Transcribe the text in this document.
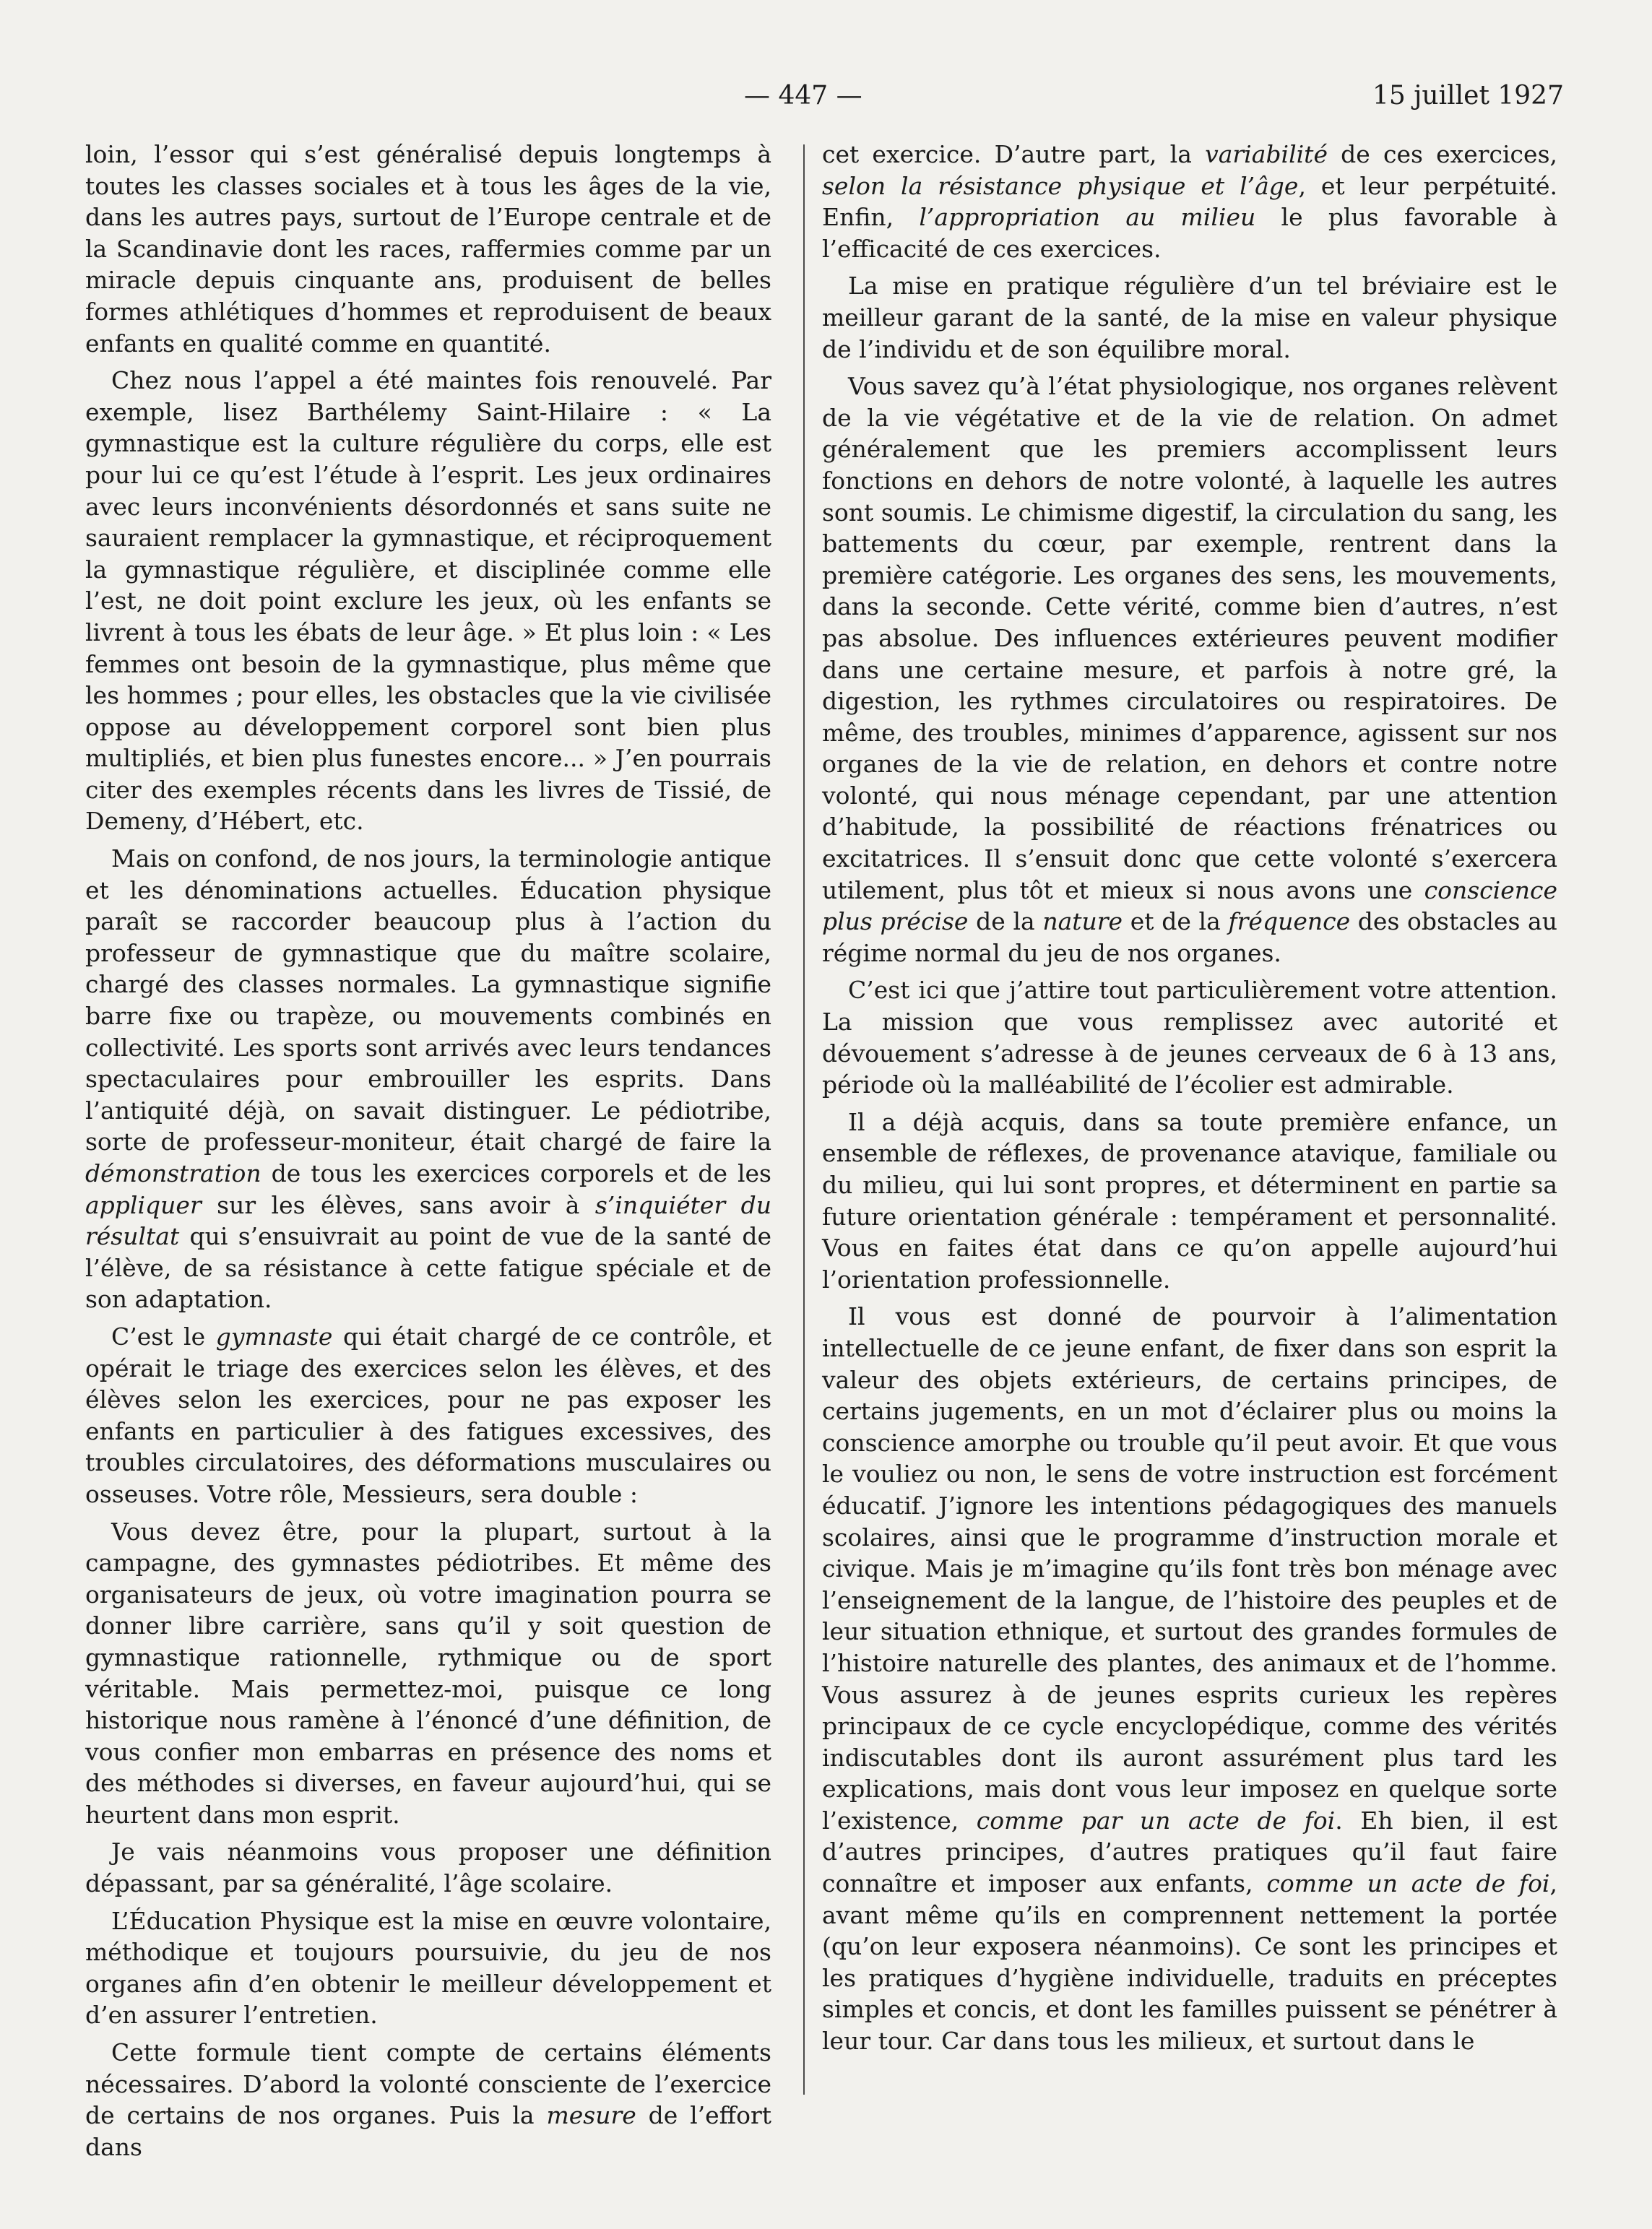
— 447 —	15 juillet 1927

loin, l’essor qui s’est généralisé depuis longtemps à toutes les classes sociales et à tous les âges de la vie, dans les autres pays, surtout de l’Europe centrale et de la Scandinavie dont les races, raffermies comme par un miracle depuis cinquante ans, produisent de belles formes athlétiques d’hommes et reproduisent de beaux enfants en qualité comme en quantité.

Chez nous l’appel a été maintes fois renouvelé. Par exemple, lisez Barthélemy Saint-Hilaire : « La gymnastique est la culture régulière du corps, elle est pour lui ce qu’est l’étude à l’esprit. Les jeux ordinaires avec leurs inconvénients désordonnés et sans suite ne sauraient remplacer la gymnastique, et réciproquement la gymnastique régulière, et disciplinée comme elle l’est, ne doit point exclure les jeux, où les enfants se livrent à tous les ébats de leur âge. » Et plus loin : « Les femmes ont besoin de la gymnastique, plus même que les hommes ; pour elles, les obstacles que la vie civilisée oppose au développement corporel sont bien plus multipliés, et bien plus funestes encore... » J’en pourrais citer des exemples récents dans les livres de Tissié, de Demeny, d’Hébert, etc.

Mais on confond, de nos jours, la terminologie antique et les dénominations actuelles. Éducation physique paraît se raccorder beaucoup plus à l’action du professeur de gymnastique que du maître scolaire, chargé des classes normales. La gymnastique signifie barre fixe ou trapèze, ou mouvements combinés en collectivité. Les sports sont arrivés avec leurs tendances spectaculaires pour embrouiller les esprits. Dans l’antiquité déjà, on savait distinguer. Le pédiotribe, sorte de professeur-moniteur, était chargé de faire la démonstration de tous les exercices corporels et de les appliquer sur les élèves, sans avoir à s’inquiéter du résultat qui s’ensuivrait au point de vue de la santé de l’élève, de sa résistance à cette fatigue spéciale et de son adaptation.

C’est le gymnaste qui était chargé de ce contrôle, et opérait le triage des exercices selon les élèves, et des élèves selon les exercices, pour ne pas exposer les enfants en particulier à des fatigues excessives, des troubles circulatoires, des déformations musculaires ou osseuses. Votre rôle, Messieurs, sera double :

Vous devez être, pour la plupart, surtout à la campagne, des gymnastes pédiotribes. Et même des organisateurs de jeux, où votre imagination pourra se donner libre carrière, sans qu’il y soit question de gymnastique rationnelle, rythmique ou de sport véritable. Mais permettez-moi, puisque ce long historique nous ramène à l’énoncé d’une définition, de vous confier mon embarras en présence des noms et des méthodes si diverses, en faveur aujourd’hui, qui se heurtent dans mon esprit.

Je vais néanmoins vous proposer une définition dépassant, par sa généralité, l’âge scolaire.

L’Éducation Physique est la mise en œuvre volontaire, méthodique et toujours poursuivie, du jeu de nos organes afin d’en obtenir le meilleur développement et d’en assurer l’entretien.

Cette formule tient compte de certains éléments nécessaires. D’abord la volonté consciente de l’exercice de certains de nos organes. Puis la mesure de l’effort dans

cet exercice. D’autre part, la variabilité de ces exercices, selon la résistance physique et l’âge, et leur perpétuité. Enfin, l’appropriation au milieu le plus favorable à l’efficacité de ces exercices.

La mise en pratique régulière d’un tel bréviaire est le meilleur garant de la santé, de la mise en valeur physique de l’individu et de son équilibre moral.

Vous savez qu’à l’état physiologique, nos organes relèvent de la vie végétative et de la vie de relation. On admet généralement que les premiers accomplissent leurs fonctions en dehors de notre volonté, à laquelle les autres sont soumis. Le chimisme digestif, la circulation du sang, les battements du cœur, par exemple, rentrent dans la première catégorie. Les organes des sens, les mouvements, dans la seconde. Cette vérité, comme bien d’autres, n’est pas absolue. Des influences extérieures peuvent modifier dans une certaine mesure, et parfois à notre gré, la digestion, les rythmes circulatoires ou respiratoires. De même, des troubles, minimes d’apparence, agissent sur nos organes de la vie de relation, en dehors et contre notre volonté, qui nous ménage cependant, par une attention d’habitude, la possibilité de réactions frénatrices ou excitatrices. Il s’ensuit donc que cette volonté s’exercera utilement, plus tôt et mieux si nous avons une conscience plus précise de la nature et de la fréquence des obstacles au régime normal du jeu de nos organes.

C’est ici que j’attire tout particulièrement votre attention. La mission que vous remplissez avec autorité et dévouement s’adresse à de jeunes cerveaux de 6 à 13 ans, période où la malléabilité de l’écolier est admirable.

Il a déjà acquis, dans sa toute première enfance, un ensemble de réflexes, de provenance atavique, familiale ou du milieu, qui lui sont propres, et déterminent en partie sa future orientation générale : tempérament et personnalité. Vous en faites état dans ce qu’on appelle aujourd’hui l’orientation professionnelle.

Il vous est donné de pourvoir à l’alimentation intellectuelle de ce jeune enfant, de fixer dans son esprit la valeur des objets extérieurs, de certains principes, de certains jugements, en un mot d’éclairer plus ou moins la conscience amorphe ou trouble qu’il peut avoir. Et que vous le vouliez ou non, le sens de votre instruction est forcément éducatif. J’ignore les intentions pédagogiques des manuels scolaires, ainsi que le programme d’instruction morale et civique. Mais je m’imagine qu’ils font très bon ménage avec l’enseignement de la langue, de l’histoire des peuples et de leur situation ethnique, et surtout des grandes formules de l’histoire naturelle des plantes, des animaux et de l’homme. Vous assurez à de jeunes esprits curieux les repères principaux de ce cycle encyclopédique, comme des vérités indiscutables dont ils auront assurément plus tard les explications, mais dont vous leur imposez en quelque sorte l’existence, comme par un acte de foi. Eh bien, il est d’autres principes, d’autres pratiques qu’il faut faire connaître et imposer aux enfants, comme un acte de foi, avant même qu’ils en comprennent nettement la portée (qu’on leur exposera néanmoins). Ce sont les principes et les pratiques d’hygiène individuelle, traduits en préceptes simples et concis, et dont les familles puissent se pénétrer à leur tour. Car dans tous les milieux, et surtout dans le
